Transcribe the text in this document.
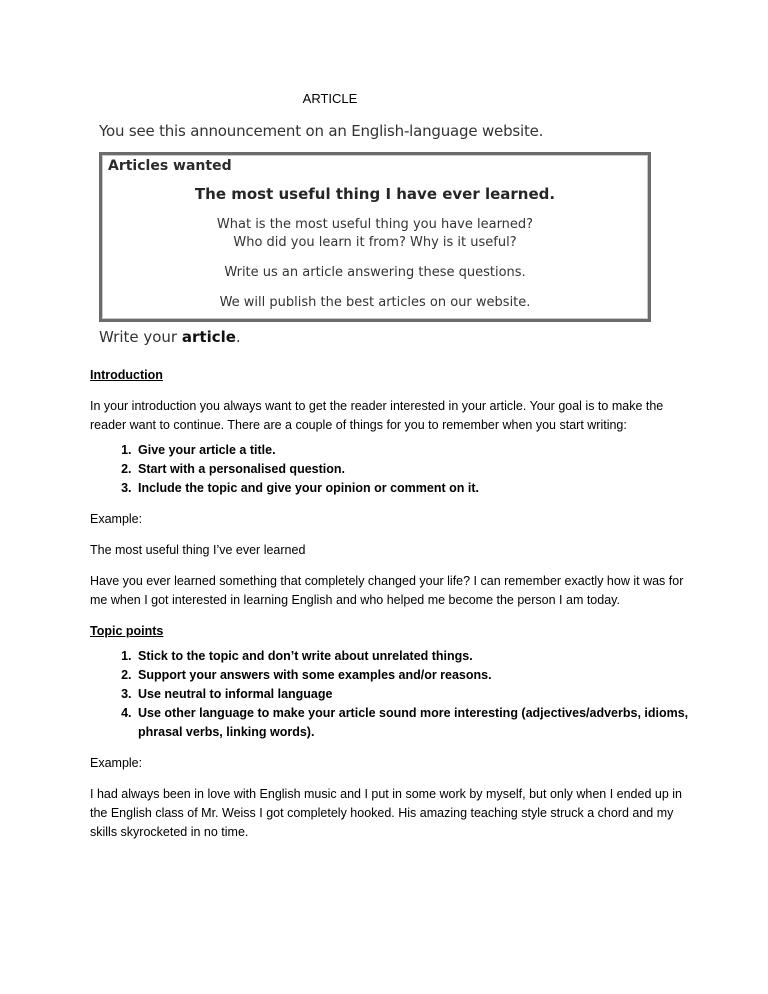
ARTICLE
You see this announcement on an English-language website.
Articles wanted
The most useful thing I have ever learned.
What is the most useful thing you have learned?
Who did you learn it from? Why is it useful?
Write us an article answering these questions.
We will publish the best articles on our website.
Write your article.

Introduction

In your introduction you always want to get the reader interested in your article. Your goal is to make the reader want to continue. There are a couple of things for you to remember when you start writing:

1. Give your article a title.
2. Start with a personalised question.
3. Include the topic and give your opinion or comment on it.

Example:

The most useful thing I’ve ever learned

Have you ever learned something that completely changed your life? I can remember exactly how it was for me when I got interested in learning English and who helped me become the person I am today.

Topic points

1. Stick to the topic and don’t write about unrelated things.
2. Support your answers with some examples and/or reasons.
3. Use neutral to informal language
4. Use other language to make your article sound more interesting (adjectives/adverbs, idioms, phrasal verbs, linking words).

Example:

I had always been in love with English music and I put in some work by myself, but only when I ended up in the English class of Mr. Weiss I got completely hooked. His amazing teaching style struck a chord and my skills skyrocketed in no time.
